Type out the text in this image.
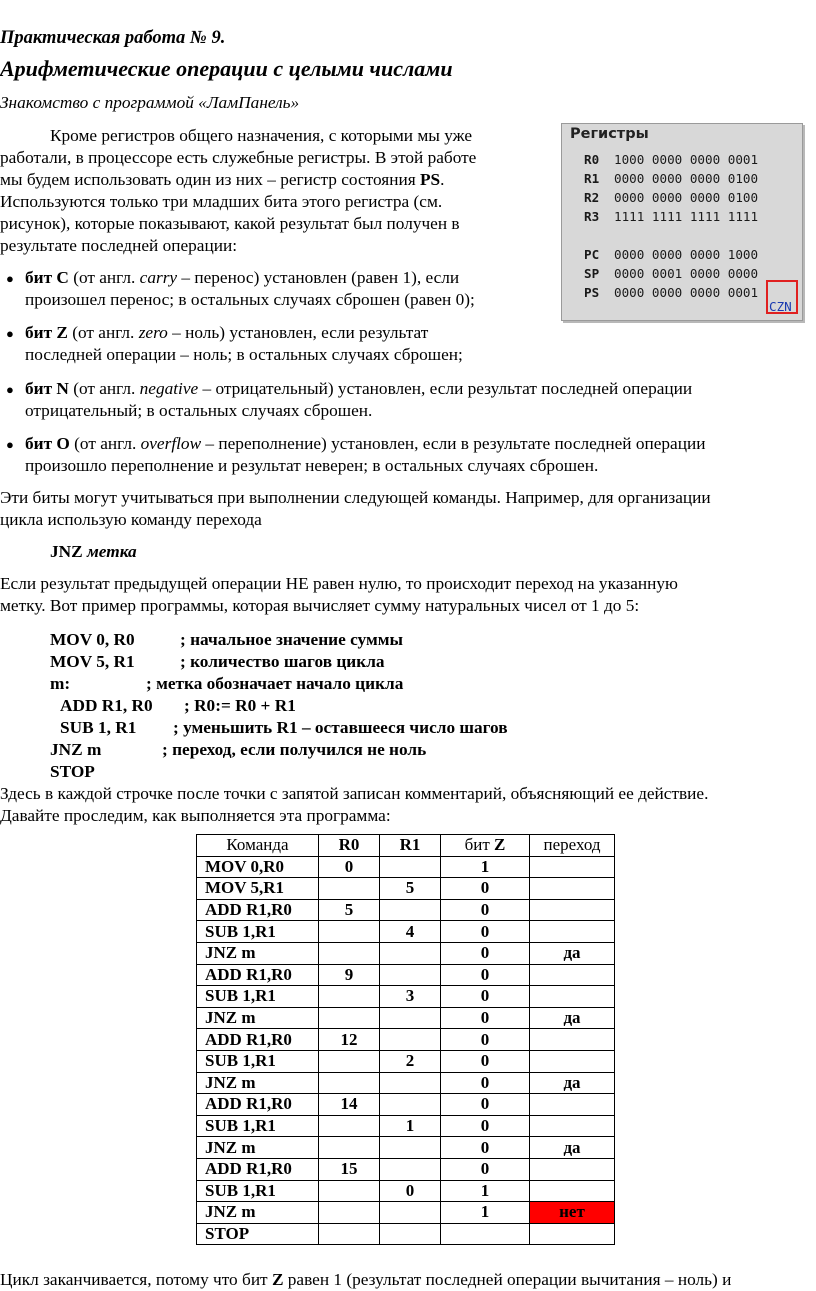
Практическая работа № 9.
Арифметические операции с целыми числами
Знакомство с программой «ЛамПанель»
Кроме регистров общего назначения, с которыми мы уже
работали, в процессоре есть служебные регистры. В этой работе
мы будем использовать один из них – регистр состояния PS.
Используются только три младших бита этого регистра (см.
рисунок), которые показывают, какой результат был получен в
результате последней операции:
Регистры
R0 1000 0000 0000 0001
R1 0000 0000 0000 0100
R2 0000 0000 0000 0100
R3 1111 1111 1111 1111
PC 0000 0000 0000 1000
SP 0000 0001 0000 0000
PS 0000 0000 0000 0001
CZN
● бит C (от англ. carry – перенос) установлен (равен 1), если
произошел перенос; в остальных случаях сброшен (равен 0);
● бит Z (от англ. zero – ноль) установлен, если результат
последней операции – ноль; в остальных случаях сброшен;
● бит N (от англ. negative – отрицательный) установлен, если результат последней операции
отрицательный; в остальных случаях сброшен.
● бит O (от англ. overflow – переполнение) установлен, если в результате последней операции
произошло переполнение и результат неверен; в остальных случаях сброшен.
Эти биты могут учитываться при выполнении следующей команды. Например, для организации
цикла использую команду перехода
JNZ метка
Если результат предыдущей операции НЕ равен нулю, то происходит переход на указанную
метку. Вот пример программы, которая вычисляет сумму натуральных чисел от 1 до 5:
MOV 0, R0	; начальное значение суммы
MOV 5, R1	; количество шагов цикла
m:	; метка обозначает начало цикла
ADD R1, R0 ; R0:= R0 + R1
SUB 1, R1 ; уменьшить R1 – оставшееся число шагов
JNZ m	; переход, если получился не ноль
STOP
Здесь в каждой строчке после точки с запятой записан комментарий, объясняющий ее действие.
Давайте проследим, как выполняется эта программа:
Команда	R0	R1	бит Z	переход
MOV 0,R0	0		1	
MOV 5,R1		5	0	
ADD R1,R0	5		0	
SUB 1,R1		4	0	
JNZ m			0	да
ADD R1,R0	9		0	
SUB 1,R1		3	0	
JNZ m			0	да
ADD R1,R0	12		0	
SUB 1,R1		2	0	
JNZ m			0	да
ADD R1,R0	14		0	
SUB 1,R1		1	0	
JNZ m			0	да
ADD R1,R0	15		0	
SUB 1,R1		0	1	
JNZ m			1	нет
STOP				
Цикл заканчивается, потому что бит Z равен 1 (результат последней операции вычитания – ноль) и
